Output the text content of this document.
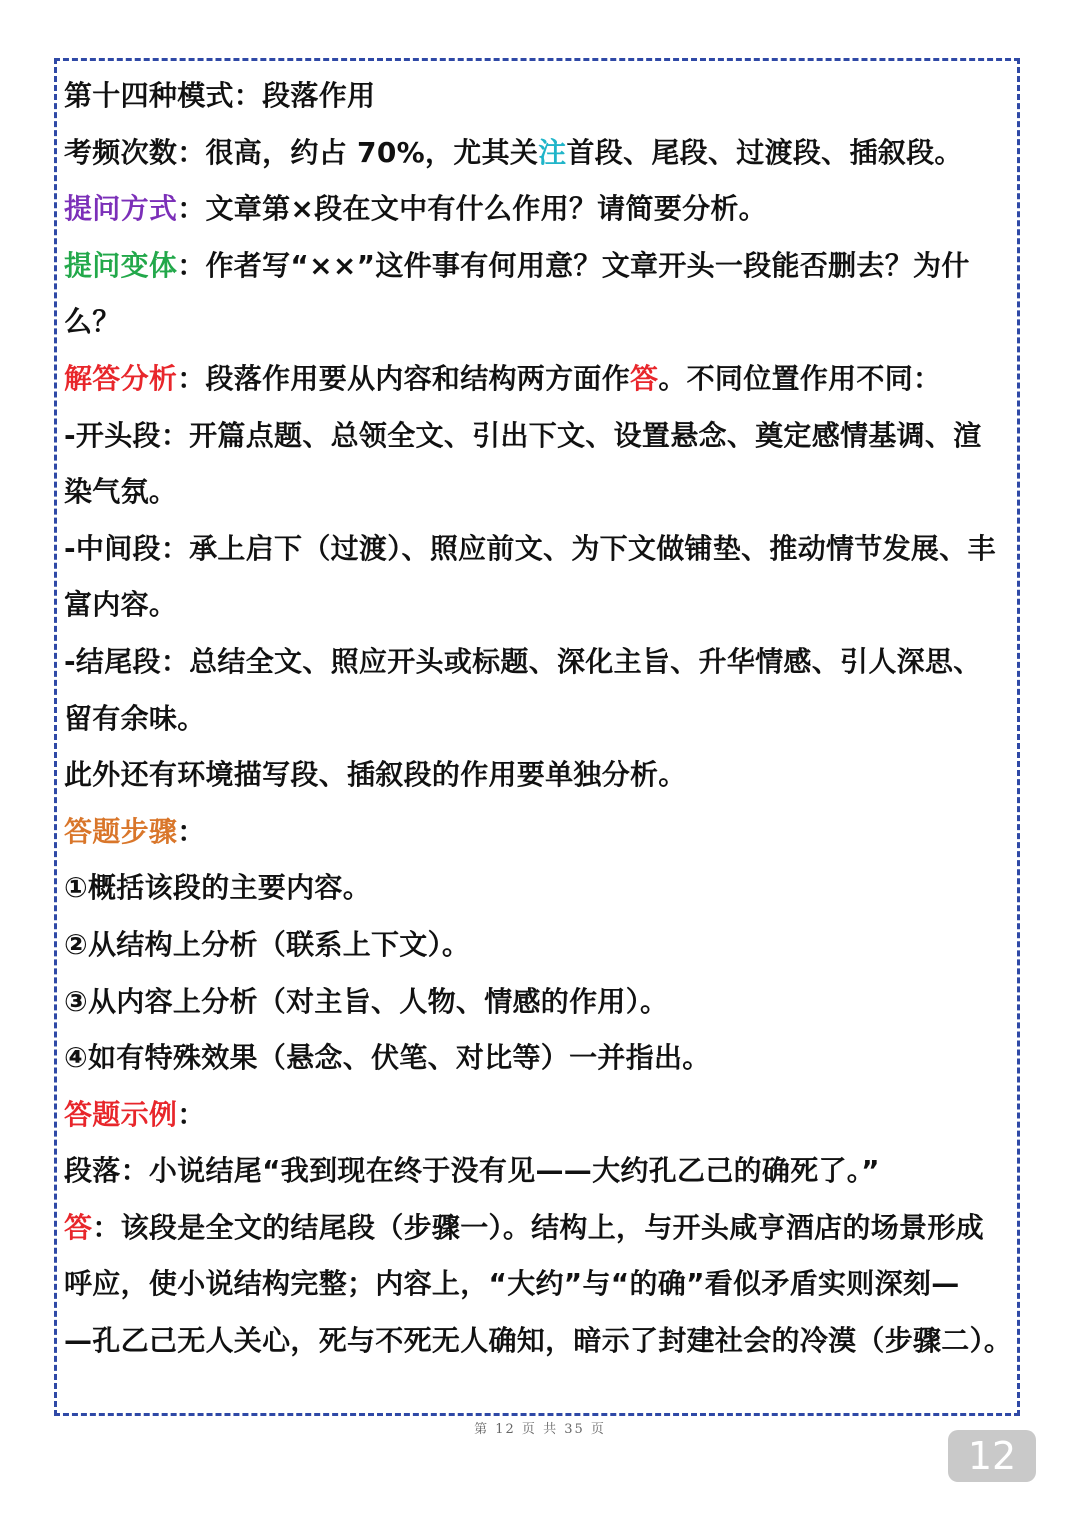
第十四种模式：段落作用
考频次数：很高，约占 70%，尤其关注首段、尾段、过渡段、插叙段。
提问方式：文章第×段在文中有什么作用？请简要分析。
提问变体：作者写“××”这件事有何用意？文章开头一段能否删去？为什
么？
解答分析：段落作用要从内容和结构两方面作答。不同位置作用不同：
-开头段：开篇点题、总领全文、引出下文、设置悬念、奠定感情基调、渲
染气氛。
-中间段：承上启下（过渡）、照应前文、为下文做铺垫、推动情节发展、丰
富内容。
-结尾段：总结全文、照应开头或标题、深化主旨、升华情感、引人深思、
留有余味。
此外还有环境描写段、插叙段的作用要单独分析。
答题步骤：
①概括该段的主要内容。
②从结构上分析（联系上下文）。
③从内容上分析（对主旨、人物、情感的作用）。
④如有特殊效果（悬念、伏笔、对比等）一并指出。
答题示例：
段落：小说结尾“我到现在终于没有见——大约孔乙己的确死了。”
答：该段是全文的结尾段（步骤一）。结构上，与开头咸亨酒店的场景形成
呼应，使小说结构完整；内容上，“大约”与“的确”看似矛盾实则深刻—
—孔乙己无人关心，死与不死无人确知，暗示了封建社会的冷漠（步骤二）。
第 12 页 共 35 页
12
